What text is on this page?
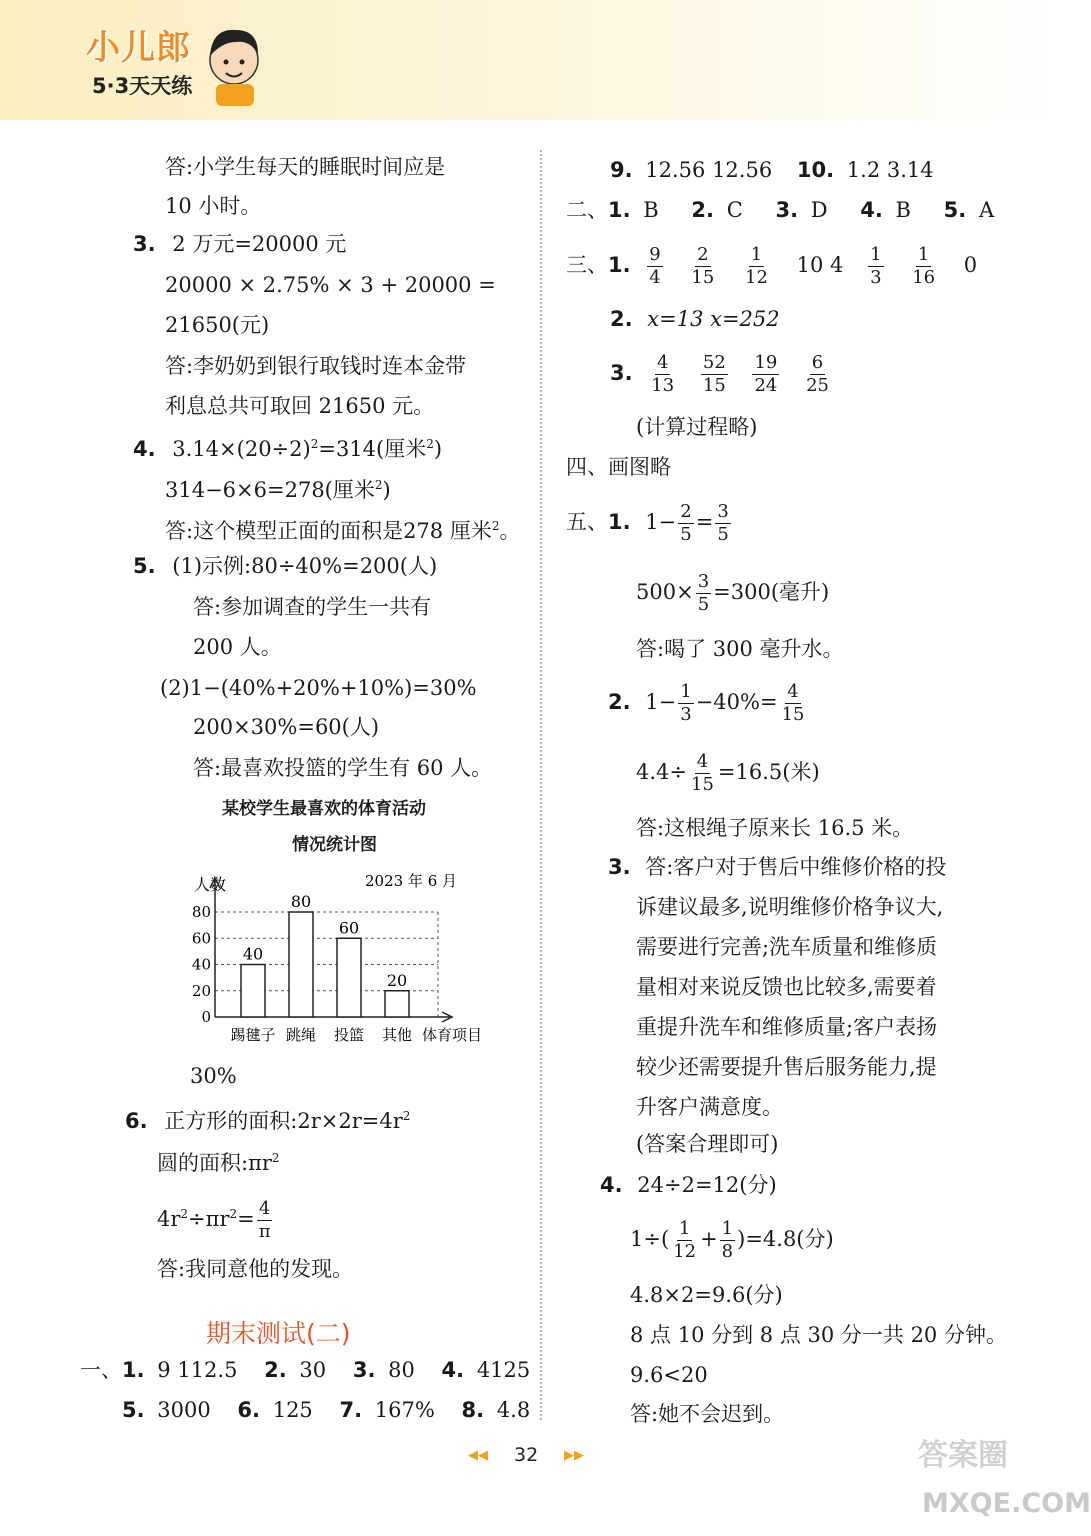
小儿郎
5·3天天练
答:小学生每天的睡眠时间应是
10 小时。
3. 2 万元=20000 元
20000 × 2.75% × 3 + 20000 =
21650(元)
答:李奶奶到银行取钱时连本金带
利息总共可取回 21650 元。
4. $3.14\times(20\div 2)^2=314$(厘米$^2$)
314−6×6=278(厘米$^2$)
答:这个模型正面的面积是278 厘米$^2$。
5. (1)示例:80÷40%=200(人)
答:参加调查的学生一共有
200 人。
(2)1−(40%+20%+10%)=30%
200×30%=60(人)
答:最喜欢投篮的学生有 60 人。
某校学生最喜欢的体育活动
情况统计图
人数	2023 年 6 月
体育项目
0
20
40
60
80
40
踢毽子
80
跳绳
60
投篮
20
其他
30%
6. 正方形的面积$:2r\times 2r=4r^2$
圆的面积$:\pi r^2$
$4r^2\div\pi r^2= \frac{4}{\pi}$
答:我同意他的发现。
期末测试(二)
一、1. 9 112.5 2. 30 3. 80 4. 4125
5. 3000 6. 125 7. 167% 8. 4.8
9. 12.56 12.56 10. 1.2 3.14
二、1. B 2. C 3. D 4. B 5. A
三、1. $\frac{9}{4}$
$\frac{2}{15}$
$\frac{1}{12} 10$ $4 \frac{1}{3}$
$\frac{1}{16} 0$
2. x=13 x=252
3. $\frac{4}{13}$
$\frac{52}{15}$
$\frac{19}{24}$
$\frac{6}{25}$
(计算过程略)
四、画图略
五、1. $1- \frac{2}{5} = \frac{3}{5}$
$500\times \frac{3}{5} =300$(毫升)
答:喝了 300 毫升水。
2. $1- \frac{1}{3} -40\%= \frac{4}{15}$
$4.4\div \frac{4}{15} =16.5$(米)
答:这根绳子原来长 16.5 米。
3. 答:客户对于售后中维修价格的投
诉建议最多,说明维修价格争议大,
需要进行完善;洗车质量和维修质
量相对来说反馈也比较多,需要着
重提升洗车和维修质量;客户表扬
较少还需要提升售后服务能力,提
升客户满意度。
(答案合理即可)
4. 24÷2=12(分)
$1\div( \frac{1}{12} + \frac{1}{8} )=4.8$(分)
4.8×2=9.6(分)
8 点 10 分到 8 点 30 分一共 20 分钟。
9.6<20
答:她不会迟到。
◀◀ 32 ▶▶	答案圈
MXQE.COM
